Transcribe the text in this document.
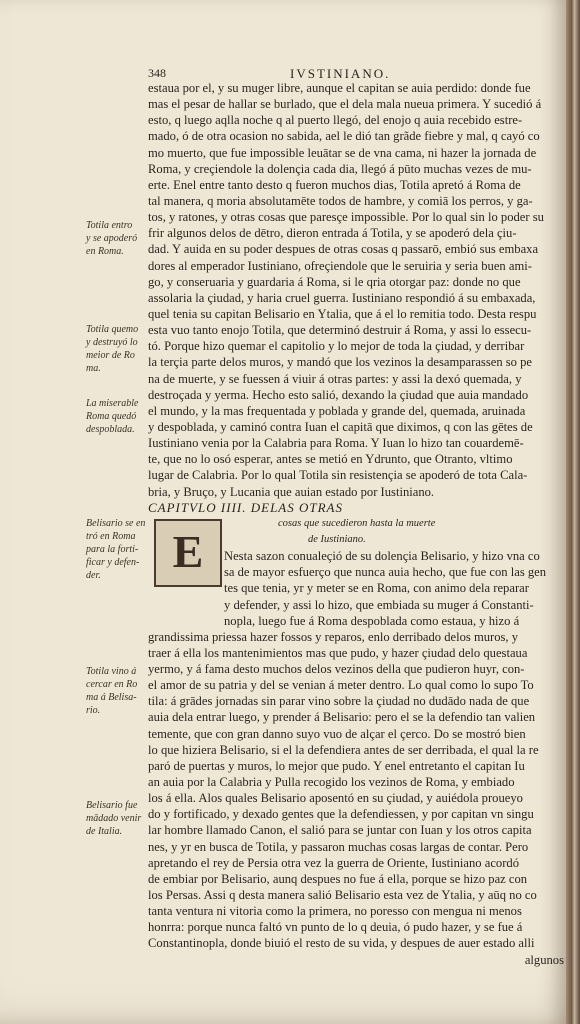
348	IVSTINIANO.
estaua por el, y su muger libre, aunque el capitan se auia perdido: donde fue
mas el pesar de hallar se burlado, que el dela mala nueua primera. Y sucedió á
esto, q luego aqlla noche q al puerto llegó, del enojo q auia recebido estre-
mado, ó de otra ocasion no sabida, ael le dió tan grãde fiebre y mal, q cayó co
mo muerto, que fue impossible leuātar se de vna cama, ni hazer la jornada de
Roma, y creçiendole la dolençia cada dia, llegó á pūto muchas vezes de mu-
erte. Enel entre tanto desto q fueron muchos dias, Totila apretó á Roma de
tal manera, q moria absolutamēte todos de hambre, y comiā los perros, y ga-
tos, y ratones, y otras cosas que paresçe impossible. Por lo qual sin lo poder su
frir algunos delos de dētro, dieron entrada á Totila, y se apoderó dela çiu-
dad. Y auida en su poder despues de otras cosas q passarō, embió sus embaxa
dores al emperador Iustiniano, ofreçiendole que le seruiria y seria buen ami-
go, y conseruaria y guardaria á Roma, si le qria otorgar paz: donde no que
assolaria la çiudad, y haria cruel guerra. Iustiniano respondió á su embaxada,
quel tenia su capitan Belisario en Ytalia, que á el lo remitia todo. Desta respu
esta vuo tanto enojo Totila, que determinó destruir á Roma, y assi lo essecu-
tó. Porque hizo quemar el capitolio y lo mejor de toda la çiudad, y derribar
la terçia parte delos muros, y mandó que los vezinos la desamparassen so pe
na de muerte, y se fuessen á viuir á otras partes: y assi la dexó quemada, y
destroçada y yerma. Hecho esto salió, dexando la çiudad que auia mandado
el mundo, y la mas frequentada y poblada y grande del, quemada, aruinada
y despoblada, y caminó contra Iuan el capitā que diximos, q con las gētes de
Iustiniano venia por la Calabria para Roma. Y Iuan lo hizo tan couardemē-
te, que no lo osó esperar, antes se metió en Ydrunto, que Otranto, vltimo
lugar de Calabria. Por lo qual Totila sin resistençia se apoderó de tota Cala-
bria, y Bruço, y Lucania que auian estado por Iustiniano.
CAPITVLO IIII. DELAS OTRAS
cosas que sucedieron hasta la muerte
de Iustiniano.
Nesta sazon conualeçió de su dolençia Belisario, y hizo vna co
sa de mayor esfuerço que nunca auia hecho, que fue con las gen
tes que tenia, yr y meter se en Roma, con animo dela reparar
y defender, y assi lo hizo, que embiada su muger á Constanti-
nopla, luego fue á Roma despoblada como estaua, y hizo á
grandissima priessa hazer fossos y reparos, enlo derribado delos muros, y
traer á ella los mantenimientos mas que pudo, y hazer çiudad delo questaua
yermo, y á fama desto muchos delos vezinos della que pudieron huyr, con-
el amor de su patria y del se venian á meter dentro. Lo qual como lo supo To
tila: á grādes jornadas sin parar vino sobre la çiudad no dudādo nada de que
auia dela entrar luego, y prender á Belisario: pero el se la defendio tan valien
temente, que con gran danno suyo vuo de alçar el çerco. Do se mostró bien
lo que hiziera Belisario, si el la defendiera antes de ser derribada, el qual la re
paró de puertas y muros, lo mejor que pudo. Y enel entretanto el capitan Iu
an auia por la Calabria y Pulla recogido los vezinos de Roma, y embiado
los á ella. Alos quales Belisario aposentó en su çiudad, y auiédola proueyo
do y fortificado, y dexado gentes que la defendiessen, y por capitan vn singu
lar hombre llamado Canon, el salió para se juntar con Iuan y los otros capita
nes, y yr en busca de Totila, y passaron muchas cosas largas de contar. Pero
apretando el rey de Persia otra vez la guerra de Oriente, Iustiniano acordó
de embiar por Belisario, aunq despues no fue á ella, porque se hizo paz con
los Persas. Assi q desta manera salió Belisario esta vez de Ytalia, y aūq no co
tanta ventura ni vitoria como la primera, no poresso con mengua ni menos
honrra: porque nunca faltó vn punto de lo q deuia, ó pudo hazer, y se fue á
Constantinopla, donde biuió el resto de su vida, y despues de auer estado alli
algunos
E
Totila entro
y se apoderó
en Roma.
Totila quemo
y destruyó lo
meior de Ro
ma.
La miserable
Roma quedó
despoblada.
Belisario se en
tró en Roma
para la forti-
ficar y defen-
der.
Totila vino á
cercar en Ro
ma á Belisa-
rio.
Belisario fue
mādado venir
de Italia.
